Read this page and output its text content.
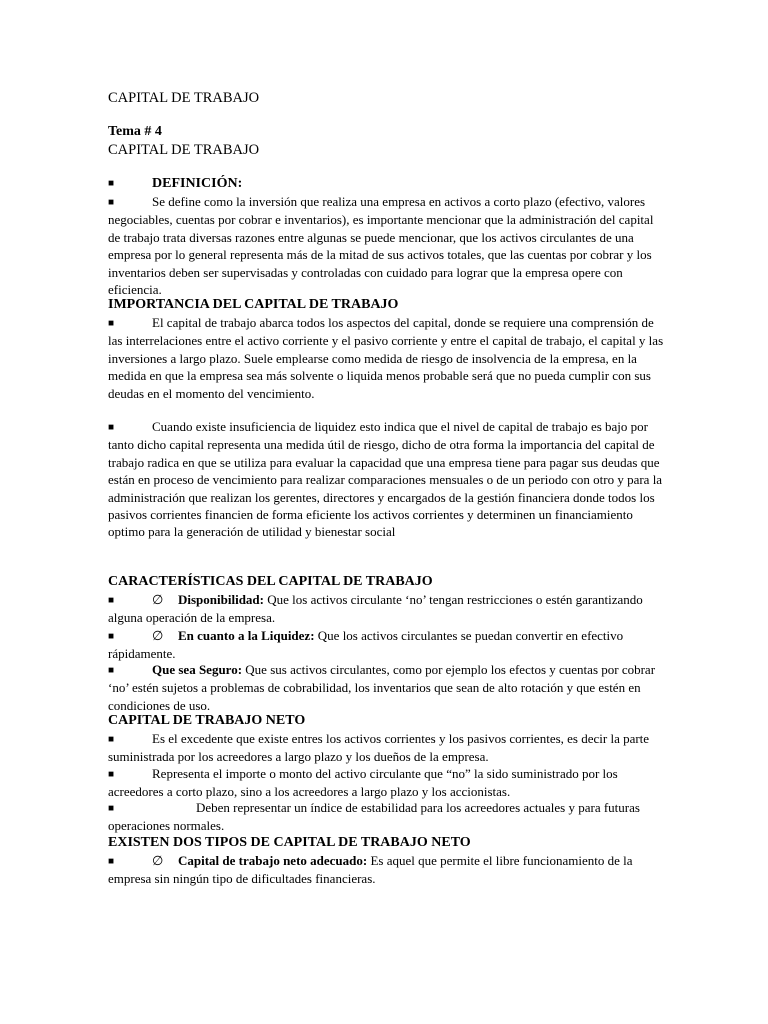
CAPITAL DE TRABAJO
Tema # 4
CAPITAL DE TRABAJO
■	DEFINICIÓN:
■	Se define como la inversión que realiza una empresa en activos a corto plazo (efectivo, valores negociables, cuentas por cobrar e inventarios), es importante mencionar que la administración del capital de trabajo trata diversas razones entre algunas se puede mencionar, que los activos circulantes de una empresa por lo general representa más de la mitad de sus activos totales, que las cuentas por cobrar y los inventarios deben ser supervisadas y controladas con cuidado para lograr que la empresa opere con eficiencia.
IMPORTANCIA DEL CAPITAL DE TRABAJO
■	El capital de trabajo abarca todos los aspectos del capital, donde se requiere una comprensión de las interrelaciones entre el activo corriente y el pasivo corriente y entre el capital de trabajo, el capital y las inversiones a largo plazo. Suele emplearse como medida de riesgo de insolvencia de la empresa, en la medida en que la empresa sea más solvente o liquida menos probable será que no pueda cumplir con sus deudas en el momento del vencimiento.
■	Cuando existe insuficiencia de liquidez esto indica que el nivel de capital de trabajo es bajo por tanto dicho capital representa una medida útil de riesgo, dicho de otra forma la importancia del capital de trabajo radica en que se utiliza para evaluar la capacidad que una empresa tiene para pagar sus deudas que están en proceso de vencimiento para realizar comparaciones mensuales o de un periodo con otro y para la administración que realizan los gerentes, directores y encargados de la gestión financiera donde todos los pasivos corrientes financien de forma eficiente los activos corrientes y determinen un financiamiento optimo para la generación de utilidad y bienestar social
CARACTERÍSTICAS DEL CAPITAL DE TRABAJO
■	∅ Disponibilidad: Que los activos circulante ‘no’ tengan restricciones o estén garantizando alguna operación de la empresa.
■	∅ En cuanto a la Liquidez: Que los activos circulantes se puedan convertir en efectivo rápidamente.
■	Que sea Seguro: Que sus activos circulantes, como por ejemplo los efectos y cuentas por cobrar ‘no’ estén sujetos a problemas de cobrabilidad, los inventarios que sean de alto rotación y que estén en condiciones de uso.
CAPITAL DE TRABAJO NETO
■	Es el excedente que existe entres los activos corrientes y los pasivos corrientes, es decir la parte suministrada por los acreedores a largo plazo y los dueños de la empresa.
■	Representa el importe o monto del activo circulante que “no” la sido suministrado por los acreedores a corto plazo, sino a los acreedores a largo plazo y los accionistas.
■	Deben representar un índice de estabilidad para los acreedores actuales y para futuras operaciones normales.
EXISTEN DOS TIPOS DE CAPITAL DE TRABAJO NETO
■	∅ Capital de trabajo neto adecuado: Es aquel que permite el libre funcionamiento de la empresa sin ningún tipo de dificultades financieras.
